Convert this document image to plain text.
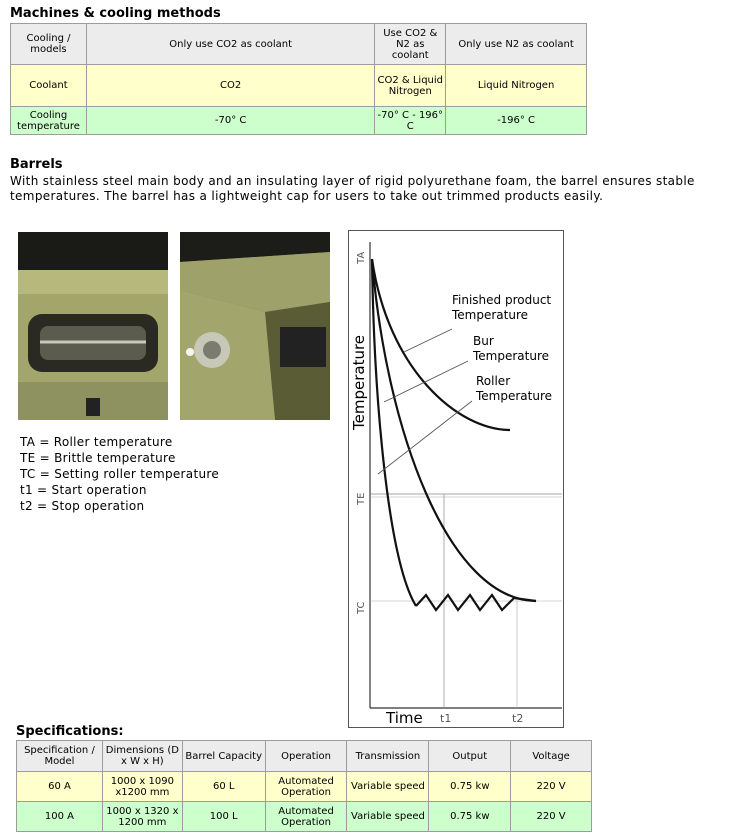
Machines & cooling methods
Cooling / models	Only use CO2 as coolant	Use CO2 & N2 as coolant	Only use N2 as coolant
Coolant	CO2	CO2 & Liquid Nitrogen	Liquid Nitrogen
Cooling temperature	-70° C	-70° C - 196° C	-196° C
Barrels
With stainless steel main body and an insulating layer of rigid polyurethane foam, the barrel ensures stable temperatures. The barrel has a lightweight cap for users to take out trimmed products easily.
TA = Roller temperature
TE = Brittle temperature
TC = Setting roller temperature
t1 = Start operation
t2 = Stop operation
Finished product
Temperature
Bur
Temperature
Roller
Temperature
Temperature
TA
TE
TC
Time t1	t2
Specifications:
Specification / Model	Dimensions (D x W x H)	Barrel Capacity	Operation	Transmission	Output	Voltage
60 A	1000 x 1090 x1200 mm	60 L	Automated Operation	Variable speed	0.75 kw	220 V
100 A	1000 x 1320 x 1200 mm	100 L	Automated Operation	Variable speed	0.75 kw	220 V
